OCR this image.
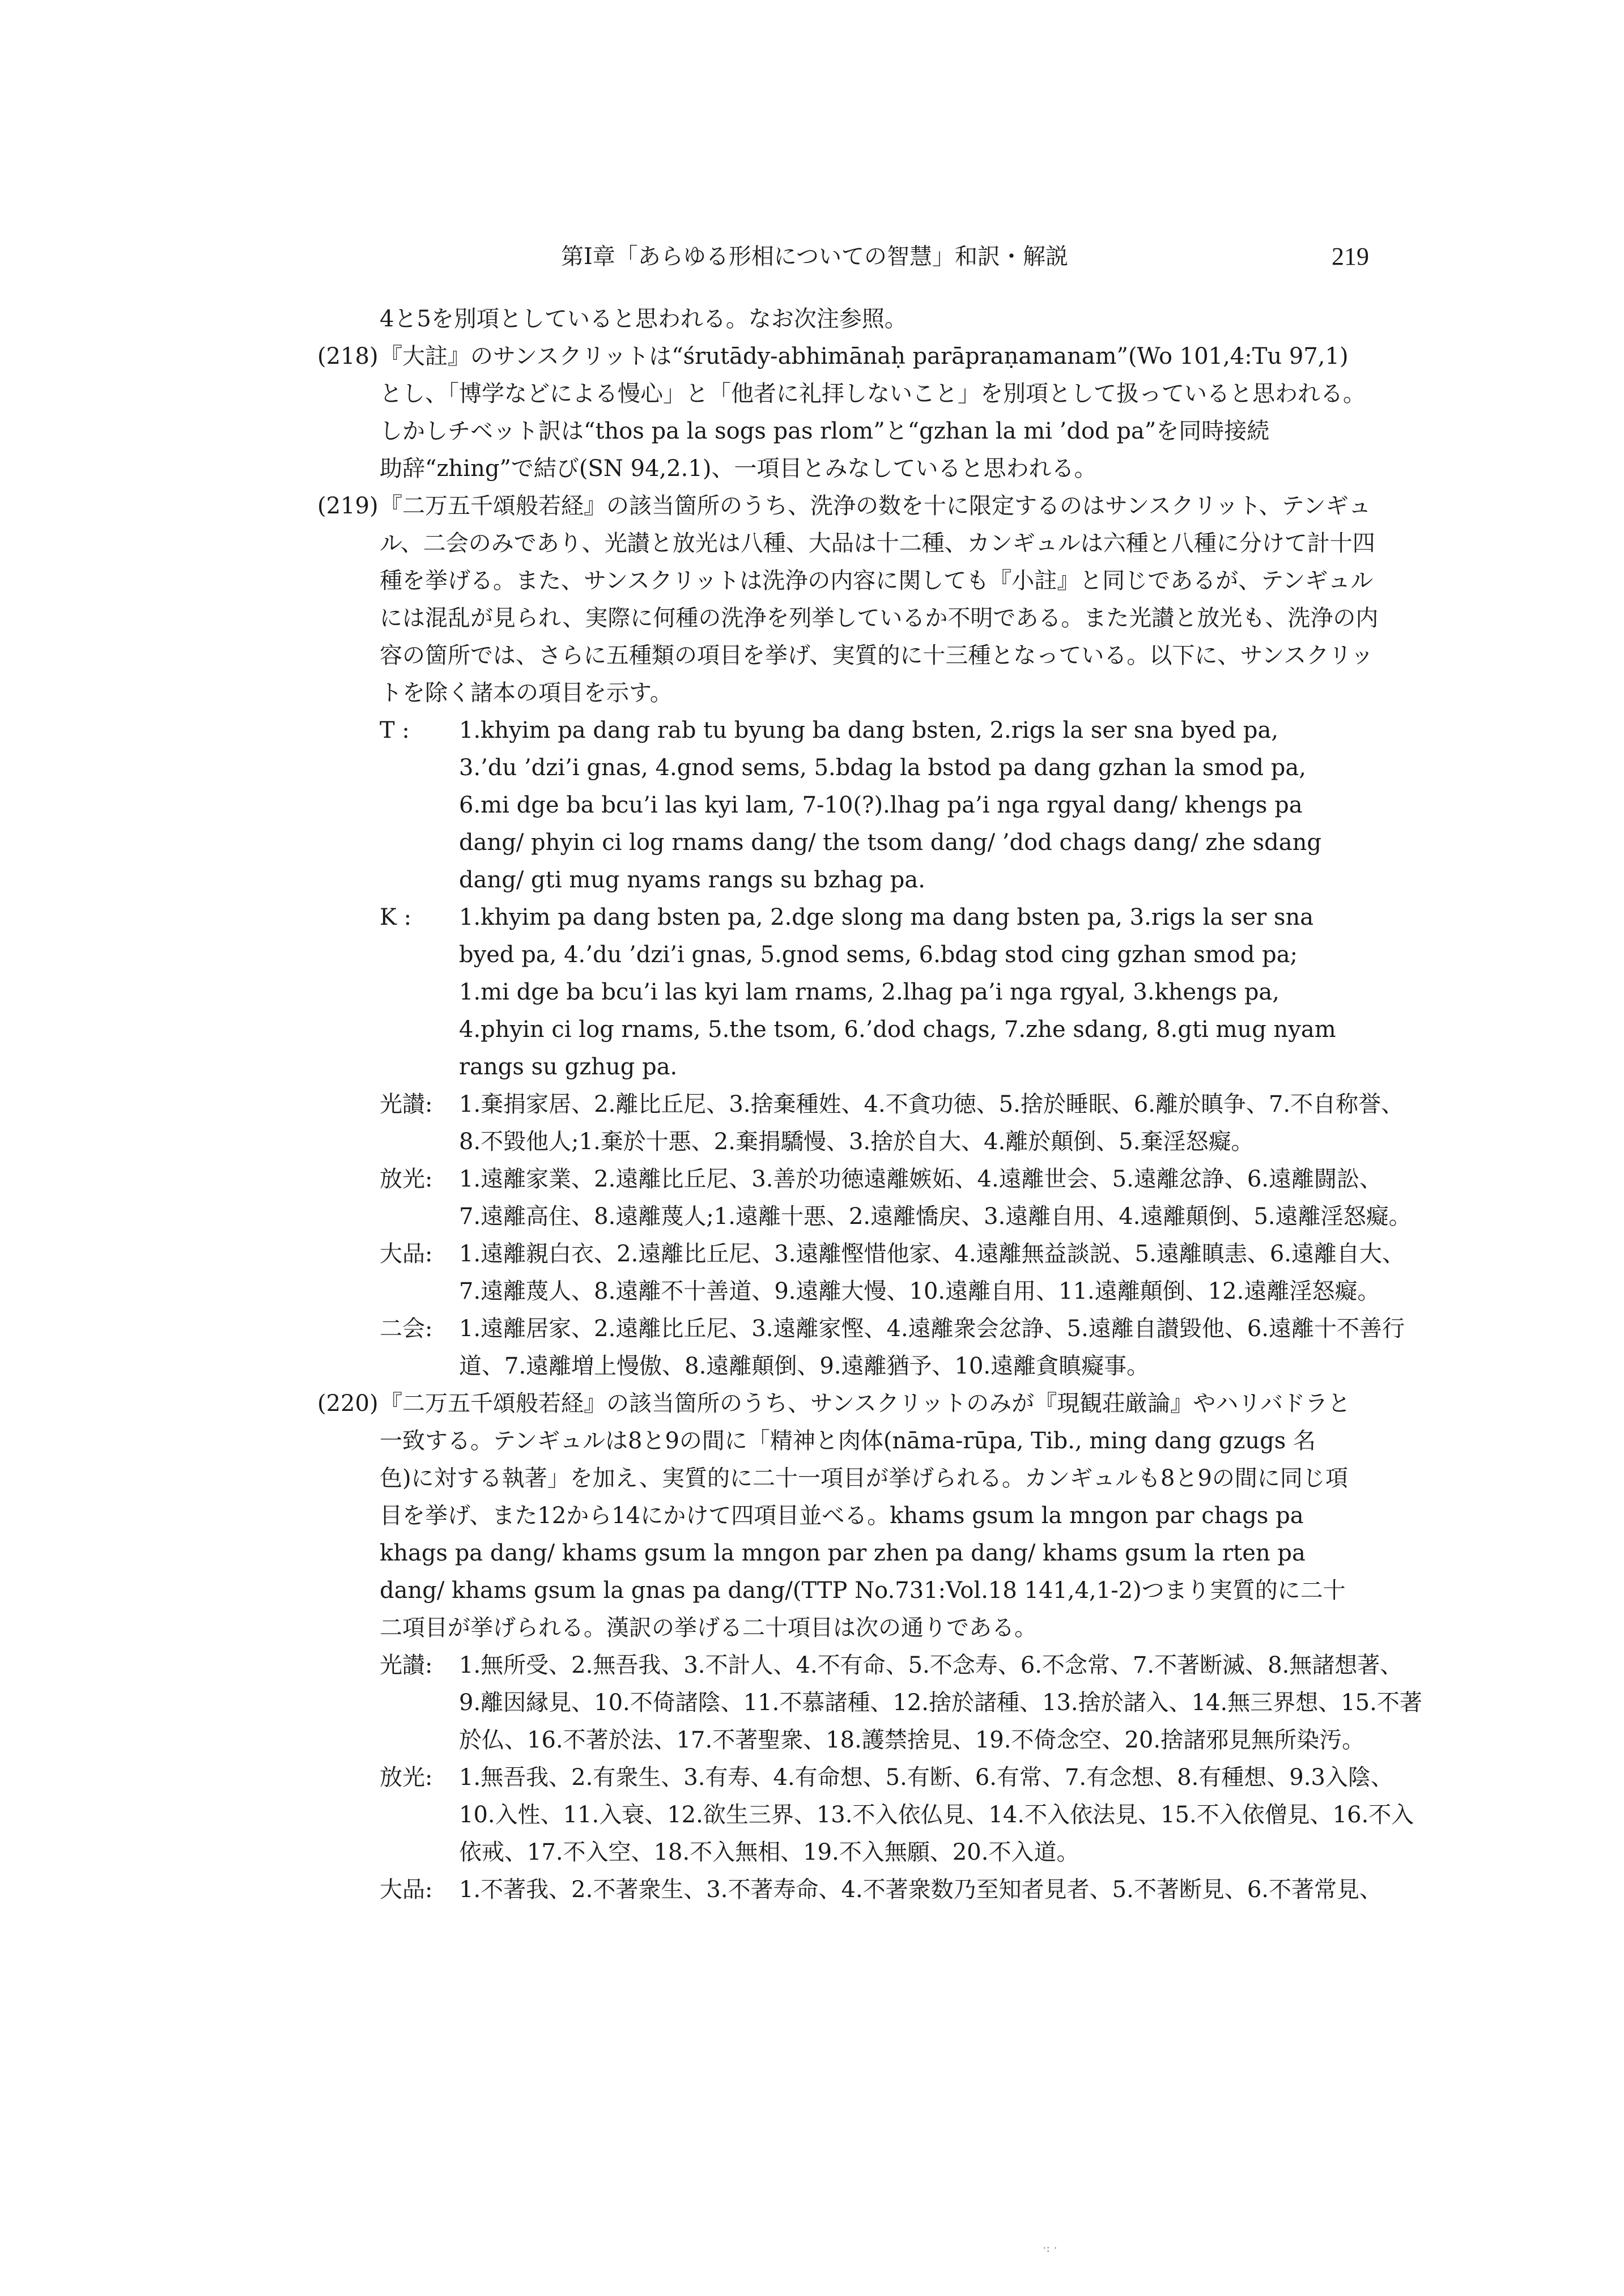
第Ⅰ章「あらゆる形相についての智慧」和訳・解説	219
4と5を別項としていると思われる。なお次注参照。
(218) 『大註』のサンスクリットは“śrutādy-abhimānaḥ parāpraṇamanam”(Wo 101,4:Tu 97,1)
とし、「博学などによる慢心」と「他者に礼拝しないこと」を別項として扱っていると思われる。
しかしチベット訳は“thos pa la sogs pas rlom”と“gzhan la mi ’dod pa”を同時接続
助辞“zhing”で結び(SN 94,2.1)、一項目とみなしていると思われる。
(219) 『二万五千頌般若経』の該当箇所のうち、洗浄の数を十に限定するのはサンスクリット、テンギュ
ル、二会のみであり、光讃と放光は八種、大品は十二種、カンギュルは六種と八種に分けて計十四
種を挙げる。また、サンスクリットは洗浄の内容に関しても『小註』と同じであるが、テンギュル
には混乱が見られ、実際に何種の洗浄を列挙しているか不明である。また光讃と放光も、洗浄の内
容の箇所では、さらに五種類の項目を挙げ、実質的に十三種となっている。以下に、サンスクリッ
トを除く諸本の項目を示す。
T : 1.khyim pa dang rab tu byung ba dang bsten, 2.rigs la ser sna byed pa,
3.’du ’dzi’i gnas, 4.gnod sems, 5.bdag la bstod pa dang gzhan la smod pa,
6.mi dge ba bcu’i las kyi lam, 7-10(?).lhag pa’i nga rgyal dang/ khengs pa
dang/ phyin ci log rnams dang/ the tsom dang/ ’dod chags dang/ zhe sdang
dang/ gti mug nyams rangs su bzhag pa.
K : 1.khyim pa dang bsten pa, 2.dge slong ma dang bsten pa, 3.rigs la ser sna
byed pa, 4.’du ’dzi’i gnas, 5.gnod sems, 6.bdag stod cing gzhan smod pa;
1.mi dge ba bcu’i las kyi lam rnams, 2.lhag pa’i nga rgyal, 3.khengs pa,
4.phyin ci log rnams, 5.the tsom, 6.’dod chags, 7.zhe sdang, 8.gti mug nyam
rangs su gzhug pa.
光讃: 1.棄捐家居、2.離比丘尼、3.捨棄種姓、4.不貪功徳、5.捨於睡眠、6.離於瞋争、7.不自称誉、
8.不毀他人;1.棄於十悪、2.棄捐驕慢、3.捨於自大、4.離於顛倒、5.棄淫怒癡。
放光: 1.遠離家業、2.遠離比丘尼、3.善於功徳遠離嫉妬、4.遠離世会、5.遠離忿諍、6.遠離闘訟、
7.遠離高住、8.遠離蔑人;1.遠離十悪、2.遠離憍戻、3.遠離自用、4.遠離顛倒、5.遠離淫怒癡。
大品: 1.遠離親白衣、2.遠離比丘尼、3.遠離慳惜他家、4.遠離無益談説、5.遠離瞋恚、6.遠離自大、
7.遠離蔑人、8.遠離不十善道、9.遠離大慢、10.遠離自用、11.遠離顛倒、12.遠離淫怒癡。
二会: 1.遠離居家、2.遠離比丘尼、3.遠離家慳、4.遠離衆会忿諍、5.遠離自讃毀他、6.遠離十不善行
道、7.遠離増上慢傲、8.遠離顛倒、9.遠離猶予、10.遠離貪瞋癡事。
(220) 『二万五千頌般若経』の該当箇所のうち、サンスクリットのみが『現観荘厳論』やハリバドラと
一致する。テンギュルは8と9の間に「精神と肉体(nāma-rūpa, Tib., ming dang gzugs 名
色)に対する執著」を加え、実質的に二十一項目が挙げられる。カンギュルも8と9の間に同じ項
目を挙げ、また12から14にかけて四項目並べる。khams gsum la mngon par chags pa
khags pa dang/ khams gsum la mngon par zhen pa dang/ khams gsum la rten pa
dang/ khams gsum la gnas pa dang/(TTP No.731:Vol.18 141,4,1-2)つまり実質的に二十
二項目が挙げられる。漢訳の挙げる二十項目は次の通りである。
光讃: 1.無所受、2.無吾我、3.不計人、4.不有命、5.不念寿、6.不念常、7.不著断滅、8.無諸想著、
9.離因縁見、10.不倚諸陰、11.不慕諸種、12.捨於諸種、13.捨於諸入、14.無三界想、15.不著
於仏、16.不著於法、17.不著聖衆、18.護禁捨見、19.不倚念空、20.捨諸邪見無所染汚。
放光: 1.無吾我、2.有衆生、3.有寿、4.有命想、5.有断、6.有常、7.有念想、8.有種想、9.3入陰、
10.入性、11.入衰、12.欲生三界、13.不入依仏見、14.不入依法見、15.不入依僧見、16.不入
依戒、17.不入空、18.不入無相、19.不入無願、20.不入道。
大品: 1.不著我、2.不著衆生、3.不著寿命、4.不著衆数乃至知者見者、5.不著断見、6.不著常見、
·: ·
